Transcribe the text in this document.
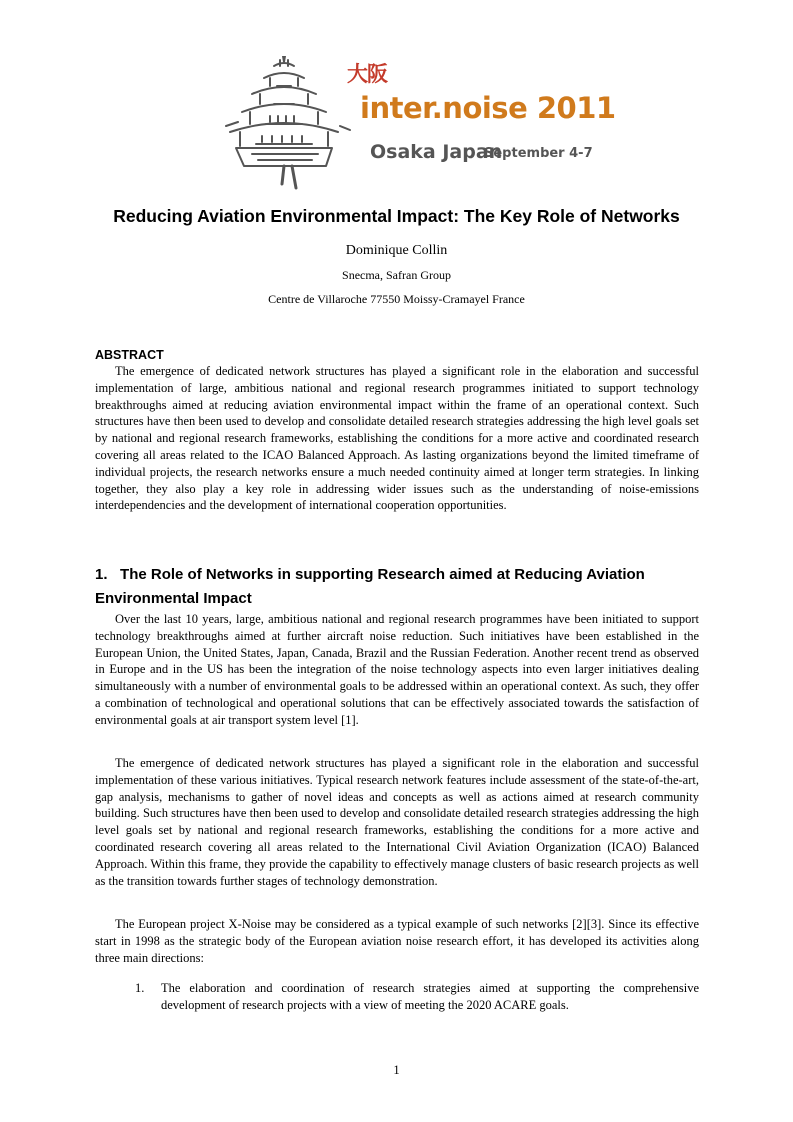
大阪
inter.noise 2011
Osaka Japan
September 4-7
Reducing Aviation Environmental Impact: The Key Role of Networks
Dominique Collin
Snecma, Safran Group
Centre de Villaroche 77550 Moissy-Cramayel France
ABSTRACT

The emergence of dedicated network structures has played a significant role in the elaboration and successful implementation of large, ambitious national and regional research programmes initiated to support technology breakthroughs aimed at reducing aviation environmental impact within the frame of an operational context. Such structures have then been used to develop and consolidate detailed research strategies addressing the high level goals set by national and regional research frameworks, establishing the conditions for a more active and coordinated research covering all areas related to the ICAO Balanced Approach. As lasting organizations beyond the limited timeframe of individual projects, the research networks ensure a much needed continuity aimed at longer term strategies. In linking together, they also play a key role in addressing wider issues such as the understanding of noise-emissions interdependencies and the development of international cooperation opportunities.

1. The Role of Networks in supporting Research aimed at Reducing Aviation Environmental Impact

Over the last 10 years, large, ambitious national and regional research programmes have been initiated to support technology breakthroughs aimed at further aircraft noise reduction. Such initiatives have been established in the European Union, the United States, Japan, Canada, Brazil and the Russian Federation. Another recent trend as observed in Europe and in the US has been the integration of the noise technology aspects into even larger initiatives dealing simultaneously with a number of environmental goals to be addressed within an operational context. As such, they offer a combination of technological and operational solutions that can be effectively associated towards the satisfaction of environmental goals at air transport system level [1].

The emergence of dedicated network structures has played a significant role in the elaboration and successful implementation of these various initiatives. Typical research network features include assessment of the state-of-the-art, gap analysis, mechanisms to gather of novel ideas and concepts as well as actions aimed at research community building. Such structures have then been used to develop and consolidate detailed research strategies addressing the high level goals set by national and regional research frameworks, establishing the conditions for a more active and coordinated research covering all areas related to the International Civil Aviation Organization (ICAO) Balanced Approach. Within this frame, they provide the capability to effectively manage clusters of basic research projects as well as the transition towards further stages of technology demonstration.

The European project X-Noise may be considered as a typical example of such networks [2][3]. Since its effective start in 1998 as the strategic body of the European aviation noise research effort, it has developed its activities along three main directions:

1. The elaboration and coordination of research strategies aimed at supporting the comprehensive development of research projects with a view of meeting the 2020 ACARE goals.
1
